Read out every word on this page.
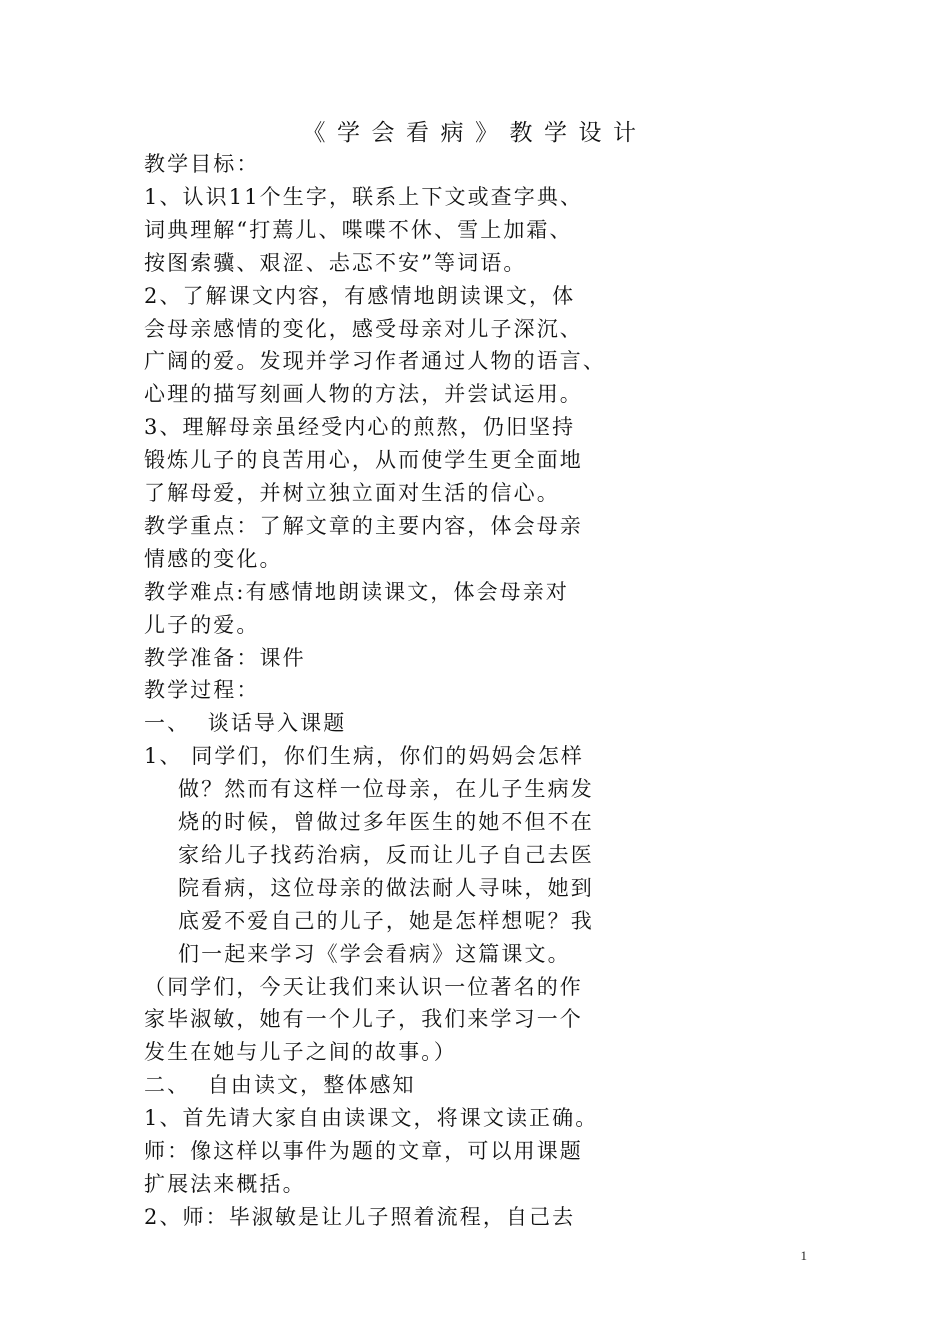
《学会看病》教学设计
教学目标：
1、认识11个生字，联系上下文或查字典、
词典理解“打蔫儿、喋喋不休、雪上加霜、
按图索骥、艰涩、忐忑不安”等词语。
2、了解课文内容，有感情地朗读课文，体
会母亲感情的变化，感受母亲对儿子深沉、
广阔的爱。发现并学习作者通过人物的语言、
心理的描写刻画人物的方法，并尝试运用。
3、理解母亲虽经受内心的煎熬，仍旧坚持
锻炼儿子的良苦用心，从而使学生更全面地
了解母爱，并树立独立面对生活的信心。
教学重点：了解文章的主要内容，体会母亲
情感的变化。
教学难点:有感情地朗读课文，体会母亲对
儿子的爱。
教学准备：课件
教学过程：
一、  谈话导入课题
1、 同学们，你们生病，你们的妈妈会怎样
做？然而有这样一位母亲，在儿子生病发
烧的时候，曾做过多年医生的她不但不在
家给儿子找药治病，反而让儿子自己去医
院看病，这位母亲的做法耐人寻味，她到
底爱不爱自己的儿子，她是怎样想呢？我
们一起来学习《学会看病》这篇课文。
（同学们，今天让我们来认识一位著名的作
家毕淑敏，她有一个儿子，我们来学习一个
发生在她与儿子之间的故事。）
二、  自由读文，整体感知
1、首先请大家自由读课文，将课文读正确。
师：像这样以事件为题的文章，可以用课题
扩展法来概括。
2、师：毕淑敏是让儿子照着流程，自己去
1
